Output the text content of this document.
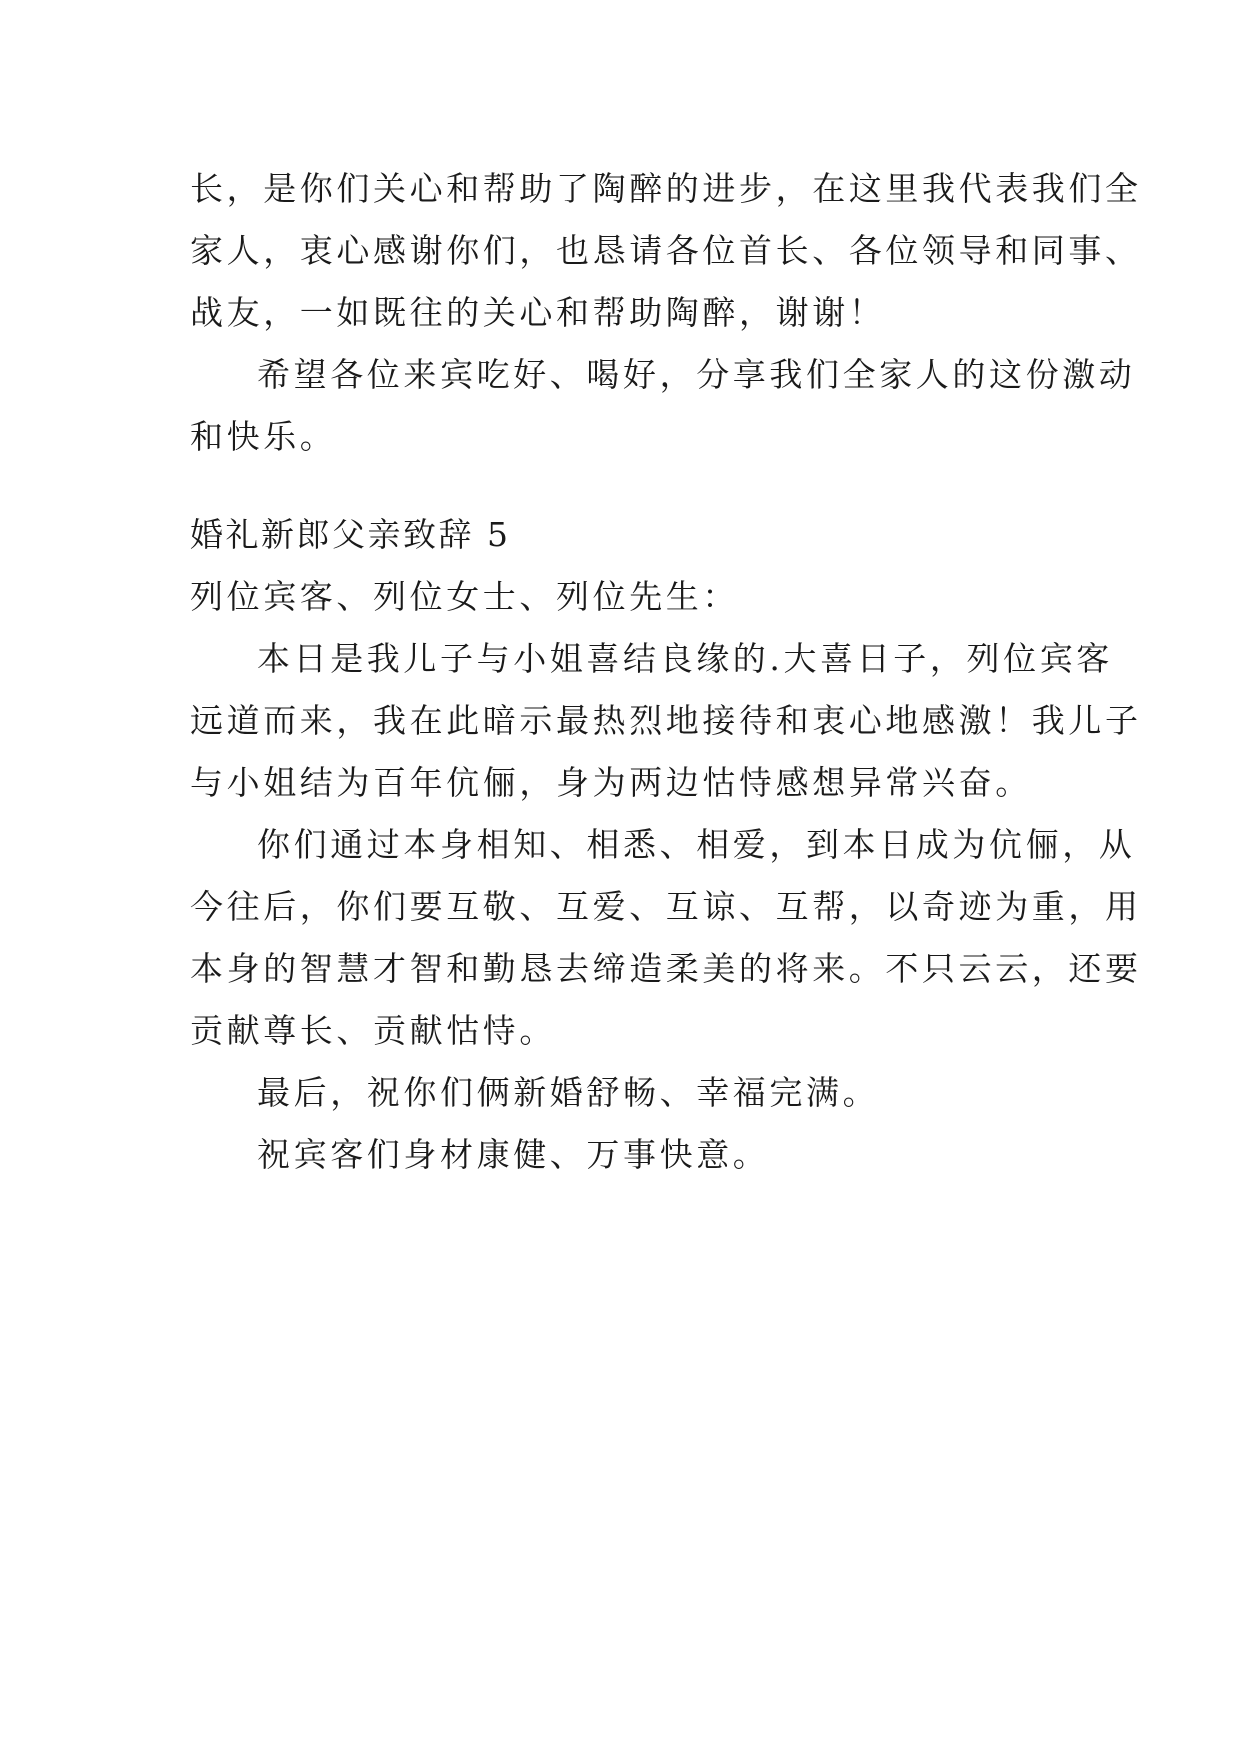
长，是你们关心和帮助了陶醉的进步，在这里我代表我们全
家人，衷心感谢你们，也恳请各位首长、各位领导和同事、
战友，一如既往的关心和帮助陶醉，谢谢！
希望各位来宾吃好、喝好，分享我们全家人的这份激动
和快乐。
婚礼新郎父亲致辞 5
列位宾客、列位女士、列位先生：
本日是我儿子与小姐喜结良缘的.大喜日子，列位宾客
远道而来，我在此暗示最热烈地接待和衷心地感激！我儿子
与小姐结为百年伉俪，身为两边怙恃感想异常兴奋。
你们通过本身相知、相悉、相爱，到本日成为伉俪，从
今往后，你们要互敬、互爱、互谅、互帮，以奇迹为重，用
本身的智慧才智和勤恳去缔造柔美的将来。不只云云，还要
贡献尊长、贡献怙恃。
最后，祝你们俩新婚舒畅、幸福完满。
祝宾客们身材康健、万事快意。
